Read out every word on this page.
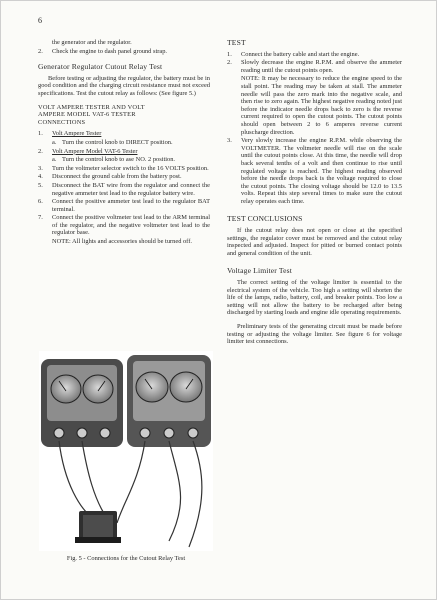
6
the generator and the regulator.
2.	Check the engine to dash panel ground strap.
Generator Regulator Cutout Relay Test

Before testing or adjusting the regulator, the battery must be in good condition and the charging circuit resistance must not exceed specifications. Test the cutout relay as follows: (See figure 5.)

VOLT AMPERE TESTER AND VOLT
AMPERE MODEL VAT-6 TESTER
CONNECTIONS
1.	Volt Ampere Tester
a. Turn the control knob to DIRECT position.
2.	Volt Ampere Model VAT-6 Tester
a. Turn the control knob to ase NO. 2 position.
3.	Turn the voltmeter selector switch to the 16 VOLTS position.
4.	Disconnect the ground cable from the battery post.
5.	Disconnect the BAT wire from the regulator and connect the negative ammeter test lead to the regulator battery wire.
6.	Connect the positive ammeter test lead to the regulator BAT terminal.
7.	Connect the positive voltmeter test lead to the ARM terminal of the regulator, and the negative voltmeter test lead to the regulator base.
NOTE: All lights and accessories should be turned off.
Fig. 5 - Connections for the Cutout Relay Test
TEST
1.	Connect the battery cable and start the engine.
2.	Slowly decrease the engine R.P.M. and observe the ammeter reading until the cutout points open.
NOTE: It may be necessary to reduce the engine speed to the stall point. The reading may be taken at stall. The ammeter needle will pass the zero mark into the negative scale, and then rise to zero again. The highest negative reading noted just before the indicator needle drops back to zero is the reverse current required to open the cutout points. The cutout points should open between 2 to 6 amperes reverse current pluscharge direction.
3.	Very slowly increase the engine R.P.M. while observing the VOLTMETER. The voltmeter needle will rise on the scale until the cutout points close. At this time, the needle will drop back several tenths of a volt and then continue to rise until regulated voltage is reached. The highest reading observed before the needle drops back is the voltage required to close the cutout points. The closing voltage should be 12.0 to 13.5 volts. Repeat this step several times to make sure the cutout relay operates each time.
TEST CONCLUSIONS

If the cutout relay does not open or close at the specified settings, the regulator cover must be removed and the cutout relay inspected and adjusted. Inspect for pitted or burned contact points and general condition of the unit.

Voltage Limiter Test

The correct setting of the voltage limiter is essential to the electrical system of the vehicle. Too high a setting will shorten the life of the lamps, radio, battery, coil, and breaker points. Too low a setting will not allow the battery to be recharged after being discharged by starting loads and engine idle operating requirements.

Preliminary tests of the generating circuit must be made before testing or adjusting the voltage limiter. See figure 6 for voltage limiter test connections.
